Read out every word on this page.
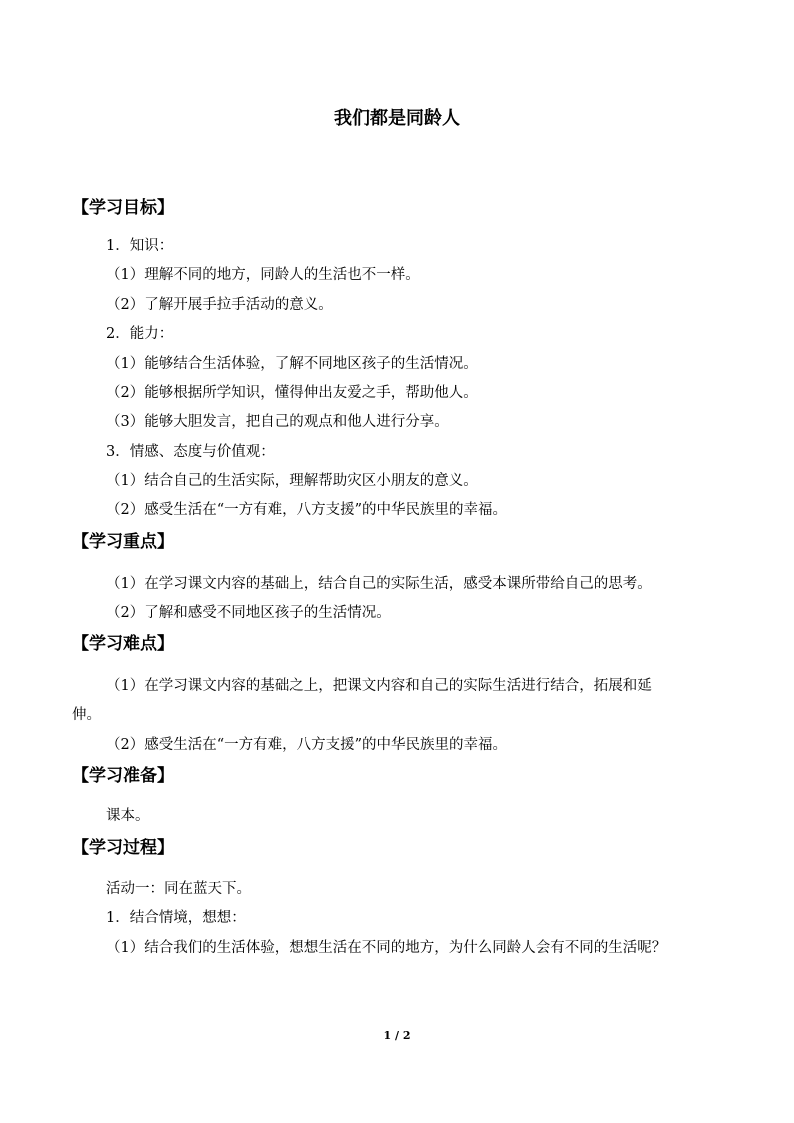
我们都是同龄人
【学习目标】
1．知识：
（1）理解不同的地方，同龄人的生活也不一样。
（2）了解开展手拉手活动的意义。
2．能力：
（1）能够结合生活体验，了解不同地区孩子的生活情况。
（2）能够根据所学知识，懂得伸出友爱之手，帮助他人。
（3）能够大胆发言，把自己的观点和他人进行分享。
3．情感、态度与价值观：
（1）结合自己的生活实际，理解帮助灾区小朋友的意义。
（2）感受生活在“一方有难，八方支援”的中华民族里的幸福。
【学习重点】
（1）在学习课文内容的基础上，结合自己的实际生活，感受本课所带给自己的思考。
（2）了解和感受不同地区孩子的生活情况。
【学习难点】
（1）在学习课文内容的基础之上，把课文内容和自己的实际生活进行结合，拓展和延
伸。
（2）感受生活在“一方有难，八方支援”的中华民族里的幸福。
【学习准备】
课本。
【学习过程】
活动一：同在蓝天下。
1．结合情境，想想：
（1）结合我们的生活体验，想想生活在不同的地方，为什么同龄人会有不同的生活呢？
1 / 2
